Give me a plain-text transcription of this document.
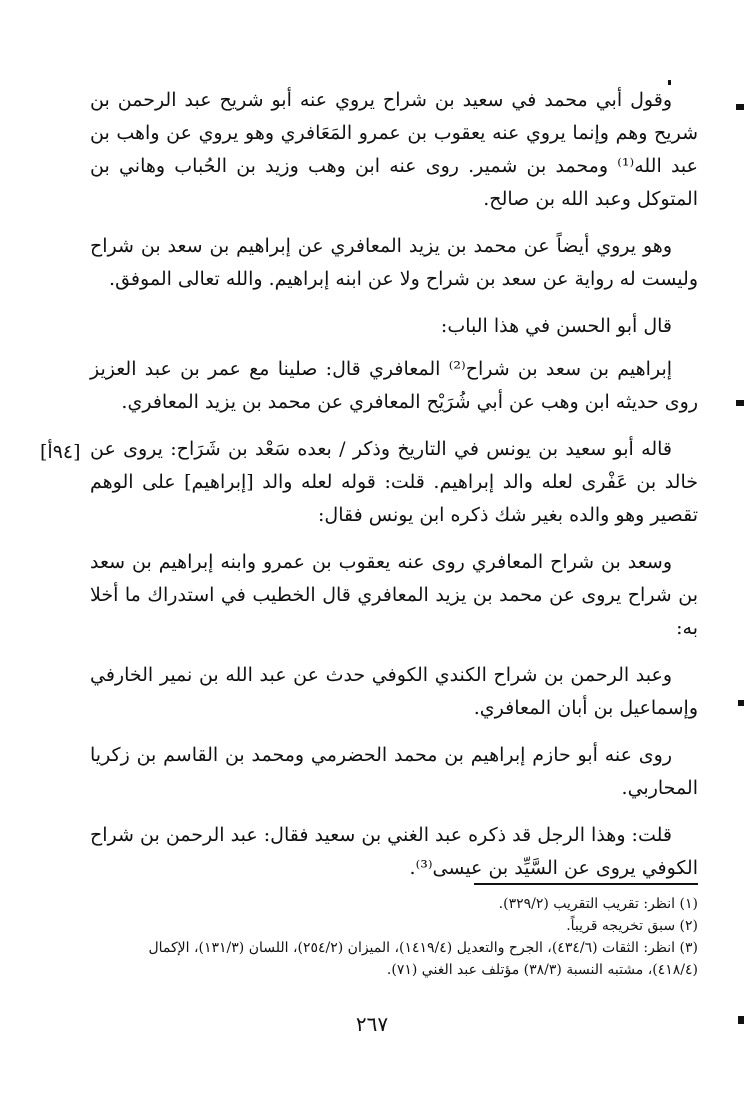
وقول أبي محمد في سعيد بن شراح يروي عنه أبو شريح عبد الرحمن بن شريح وهم وإنما يروي عنه يعقوب بن عمرو المَعَافري وهو يروي عن واهب بن عبد الله⁽¹⁾ ومحمد بن شمير. روى عنه ابن وهب وزيد بن الحُباب وهاني بن المتوكل وعبد الله بن صالح.

وهو يروي أيضاً عن محمد بن يزيد المعافري عن إبراهيم بن سعد بن شراح وليست له رواية عن سعد بن شراح ولا عن ابنه إبراهيم. والله تعالى الموفق.

قال أبو الحسن في هذا الباب:

إبراهيم بن سعد بن شراح⁽²⁾ المعافري قال: صلينا مع عمر بن عبد العزيز روى حديثه ابن وهب عن أبي شُرَيْح المعافري عن محمد بن يزيد المعافري.

قاله أبو سعيد بن يونس في التاريخ وذكر / بعده سَعْد بن شَرَاح: يروى عن خالد بن عَفْرى لعله والد إبراهيم. قلت: قوله لعله والد [إبراهيم] على الوهم تقصير وهو والده بغير شك ذكره ابن يونس فقال:

وسعد بن شراح المعافري روى عنه يعقوب بن عمرو وابنه إبراهيم بن سعد بن شراح يروى عن محمد بن يزيد المعافري قال الخطيب في استدراك ما أخلا به:

وعبد الرحمن بن شراح الكندي الكوفي حدث عن عبد الله بن نمير الخارفي وإسماعيل بن أبان المعافري.

روى عنه أبو حازم إبراهيم بن محمد الحضرمي ومحمد بن القاسم بن زكريا المحاربي.

قلت: وهذا الرجل قد ذكره عبد الغني بن سعيد فقال: عبد الرحمن بن شراح الكوفي يروى عن السَّيِّد بن عيسى⁽³⁾.

[٩٤أ]

(١) انظر: تقريب التقريب (٣٢٩/٢).

(٢) سبق تخريجه قريباً.

(٣) انظر: الثقات (٤٣٤/٦)، الجرح والتعديل (١٤١٩/٤)، الميزان (٢٥٤/٢)، اللسان (١٣١/٣)، الإكمال (٤١٨/٤)، مشتبه النسبة (٣٨/٣) مؤتلف عبد الغني (٧١).

٢٦٧
